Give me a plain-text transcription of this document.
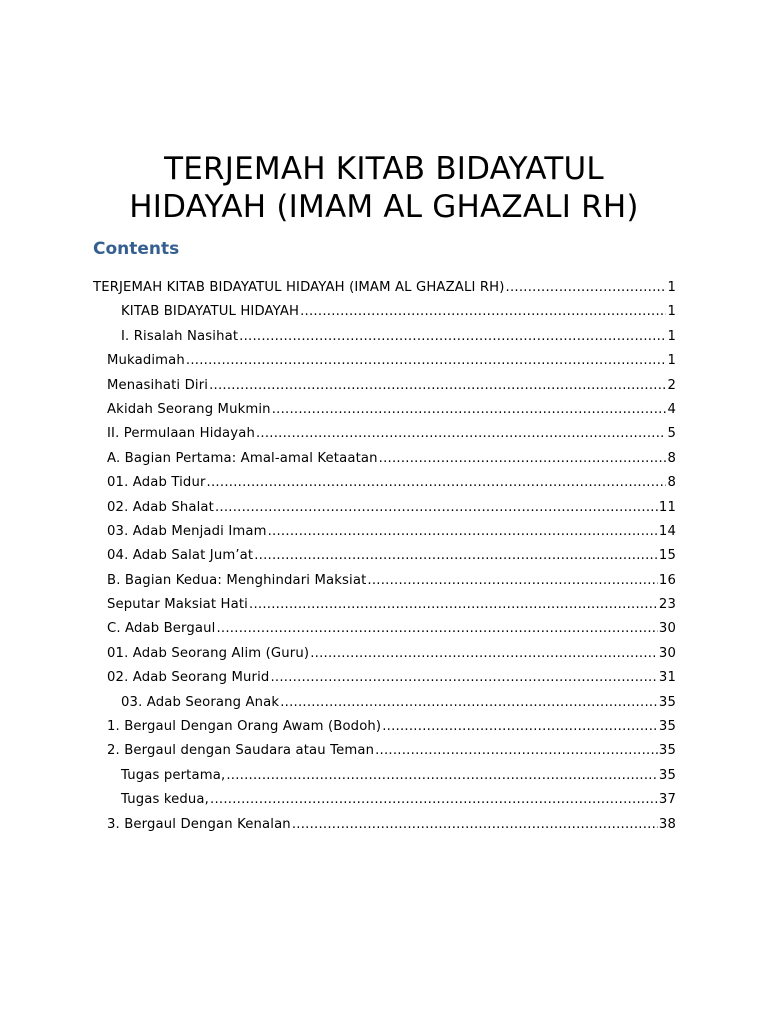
TERJEMAH KITAB BIDAYATUL
HIDAYAH (IMAM AL GHAZALI RH)
Contents
TERJEMAH KITAB BIDAYATUL HIDAYAH (IMAM AL GHAZALI RH) .....	1
KITAB BIDAYATUL HIDAYAH .....	1
I. Risalah Nasihat .....	1
Mukadimah .....	1
Menasihati Diri .....	2
Akidah Seorang Mukmin .....	4
II. Permulaan Hidayah .....	5
A. Bagian Pertama: Amal-amal Ketaatan .....	8
01. Adab Tidur .....	8
02. Adab Shalat .....	11
03. Adab Menjadi Imam .....	14
04. Adab Salat Jum’at .....	15
B. Bagian Kedua: Menghindari Maksiat .....	16
Seputar Maksiat Hati .....	23
C. Adab Bergaul .....	30
01. Adab Seorang Alim (Guru) .....	30
02. Adab Seorang Murid .....	31
03. Adab Seorang Anak .....	35
1. Bergaul Dengan Orang Awam (Bodoh) .....	35
2. Bergaul dengan Saudara atau Teman .....	35
Tugas pertama, .....	35
Tugas kedua, .....	37
3. Bergaul Dengan Kenalan .....	38
